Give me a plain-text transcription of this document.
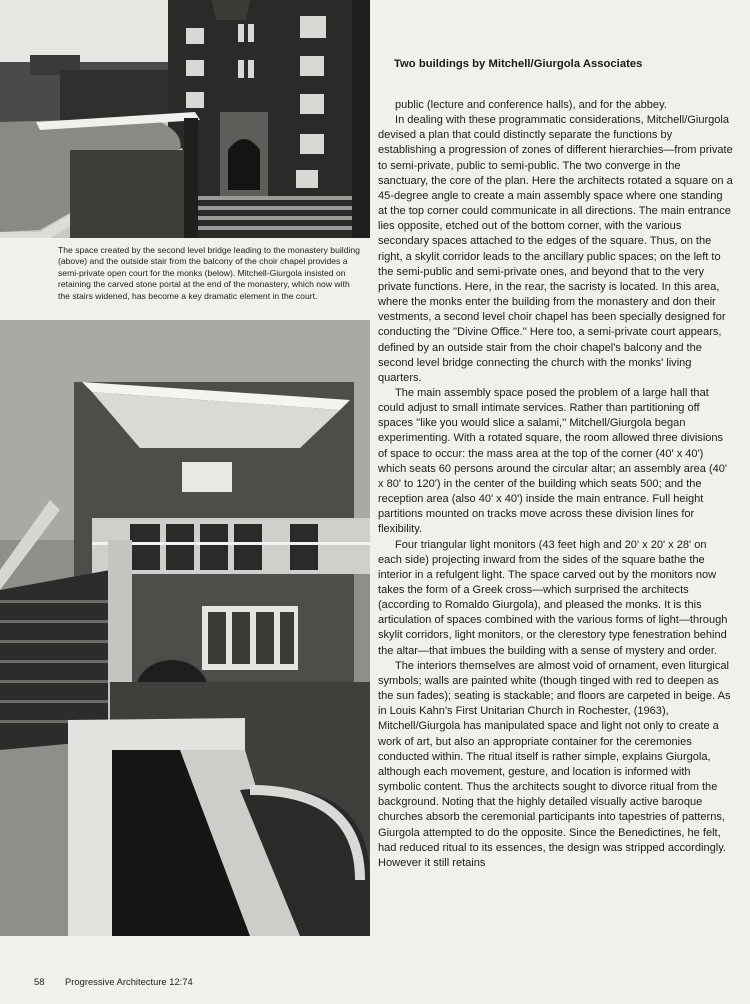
The space created by the second level bridge leading to the monastery building (above) and the outside stair from the balcony of the choir chapel provides a semi-private open court for the monks (below). Mitchell-Giurgola insisted on retaining the carved stone portal at the end of the monastery, which now with the stairs widened, has become a key dramatic element in the court.
Two buildings by Mitchell/Giurgola Associates

public (lecture and conference halls), and for the abbey.

In dealing with these programmatic considerations, Mitchell/Giurgola devised a plan that could distinctly separate the functions by establishing a progression of zones of different hierarchies—from private to semi-private, public to semi-public. The two converge in the sanctuary, the core of the plan. Here the architects rotated a square on a 45-degree angle to create a main assembly space where one standing at the top corner could communicate in all directions. The main entrance lies opposite, etched out of the bottom corner, with the various secondary spaces attached to the edges of the square. Thus, on the right, a skylit corridor leads to the ancillary public spaces; on the left to the semi-public and semi-private ones, and beyond that to the very private functions. Here, in the rear, the sacristy is located. In this area, where the monks enter the building from the monastery and don their vestments, a second level choir chapel has been specially designed for conducting the ''Divine Office.'' Here too, a semi-private court appears, defined by an outside stair from the choir chapel's balcony and the second level bridge connecting the church with the monks' living quarters.

The main assembly space posed the problem of a large hall that could adjust to small intimate services. Rather than partitioning off spaces ''like you would slice a salami,'' Mitchell/Giurgola began experimenting. With a rotated square, the room allowed three divisions of space to occur: the mass area at the top of the corner (40' x 40') which seats 60 persons around the circular altar; an assembly area (40' x 80' to 120') in the center of the building which seats 500; and the reception area (also 40' x 40') inside the main entrance. Full height partitions mounted on tracks move across these division lines for flexibility.

Four triangular light monitors (43 feet high and 20' x 20' x 28' on each side) projecting inward from the sides of the square bathe the interior in a refulgent light. The space carved out by the monitors now takes the form of a Greek cross—which surprised the architects (according to Romaldo Giurgola), and pleased the monks. It is this articulation of spaces combined with the various forms of light—through skylit corridors, light monitors, or the clerestory type fenestration behind the altar—that imbues the building with a sense of mystery and order.

The interiors themselves are almost void of ornament, even liturgical symbols; walls are painted white (though tinged with red to deepen as the sun fades); seating is stackable; and floors are carpeted in beige. As in Louis Kahn's First Unitarian Church in Rochester, (1963), Mitchell/Giurgola has manipulated space and light not only to create a work of art, but also an appropriate container for the ceremonies conducted within. The ritual itself is rather simple, explains Giurgola, although each movement, gesture, and location is informed with symbolic content. Thus the architects sought to divorce ritual from the background. Noting that the highly detailed visually active baroque churches absorb the ceremonial participants into tapestries of patterns, Giurgola attempted to do the opposite. Since the Benedictines, he felt, had reduced ritual to its essences, the design was stripped accordingly. However it still retains

58 Progressive Architecture 12:74
